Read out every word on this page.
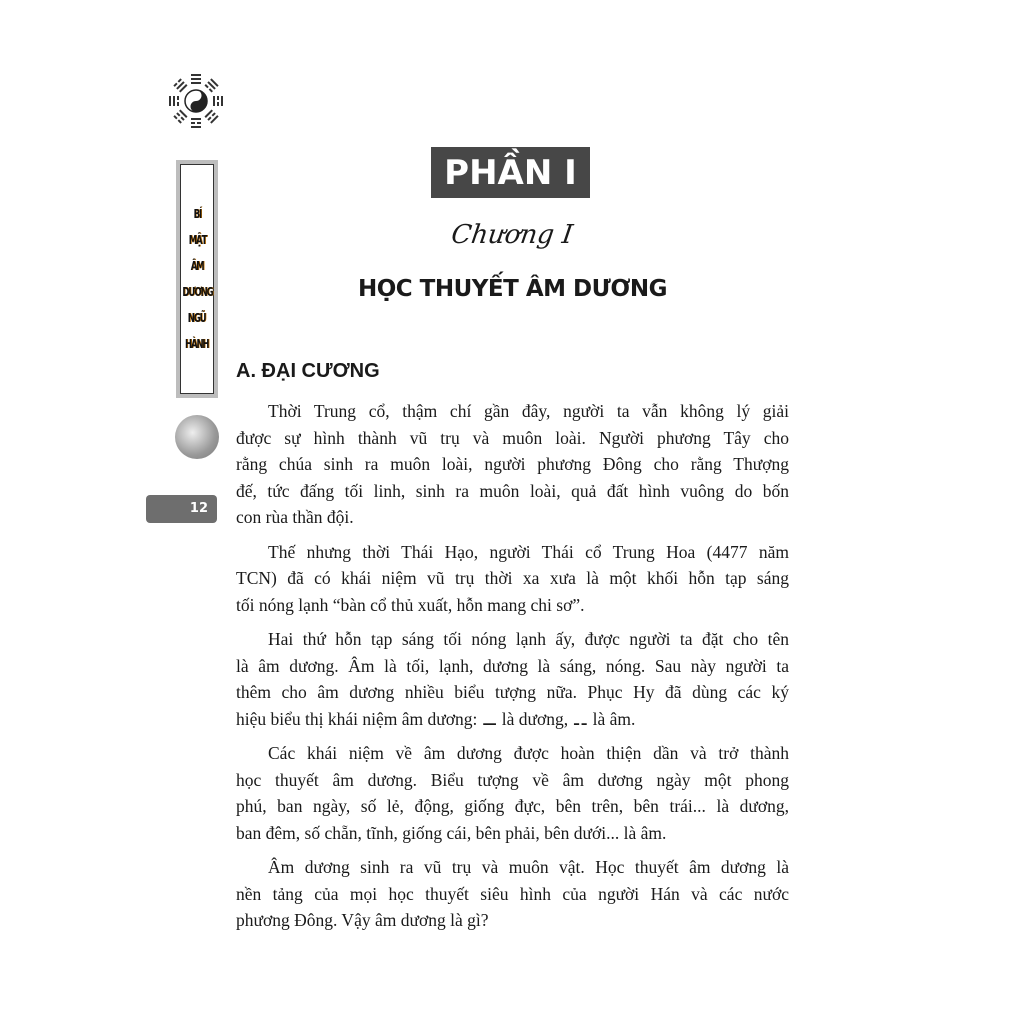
BÍ
MẬT
ÂM
DƯƠNG
NGŨ
HÀNH
12
PHẦN I
Chương I
HỌC THUYẾT ÂM DƯƠNG
A. ĐẠI CƯƠNG
Thời Trung cổ, thậm chí gần đây, người ta vẫn không lý giải
được sự hình thành vũ trụ và muôn loài. Người phương Tây cho
rằng chúa sinh ra muôn loài, người phương Đông cho rằng Thượng
đế, tức đấng tối linh, sinh ra muôn loài, quả đất hình vuông do bốn
con rùa thần đội.
Thế nhưng thời Thái Hạo, người Thái cổ Trung Hoa (4477 năm
TCN) đã có khái niệm vũ trụ thời xa xưa là một khối hỗn tạp sáng
tối nóng lạnh “bàn cổ thủ xuất, hỗn mang chi sơ”.
Hai thứ hỗn tạp sáng tối nóng lạnh ấy, được người ta đặt cho tên
là âm dương. Âm là tối, lạnh, dương là sáng, nóng. Sau này người ta
thêm cho âm dương nhiều biểu tượng nữa. Phục Hy đã dùng các ký
hiệu biểu thị khái niệm âm dương: ⚊ là dương, ⚋ là âm.
Các khái niệm về âm dương được hoàn thiện dần và trở thành
học thuyết âm dương. Biểu tượng về âm dương ngày một phong
phú, ban ngày, số lẻ, động, giống đực, bên trên, bên trái... là dương,
ban đêm, số chẵn, tĩnh, giống cái, bên phải, bên dưới... là âm.
Âm dương sinh ra vũ trụ và muôn vật. Học thuyết âm dương là
nền tảng của mọi học thuyết siêu hình của người Hán và các nước
phương Đông. Vậy âm dương là gì?
